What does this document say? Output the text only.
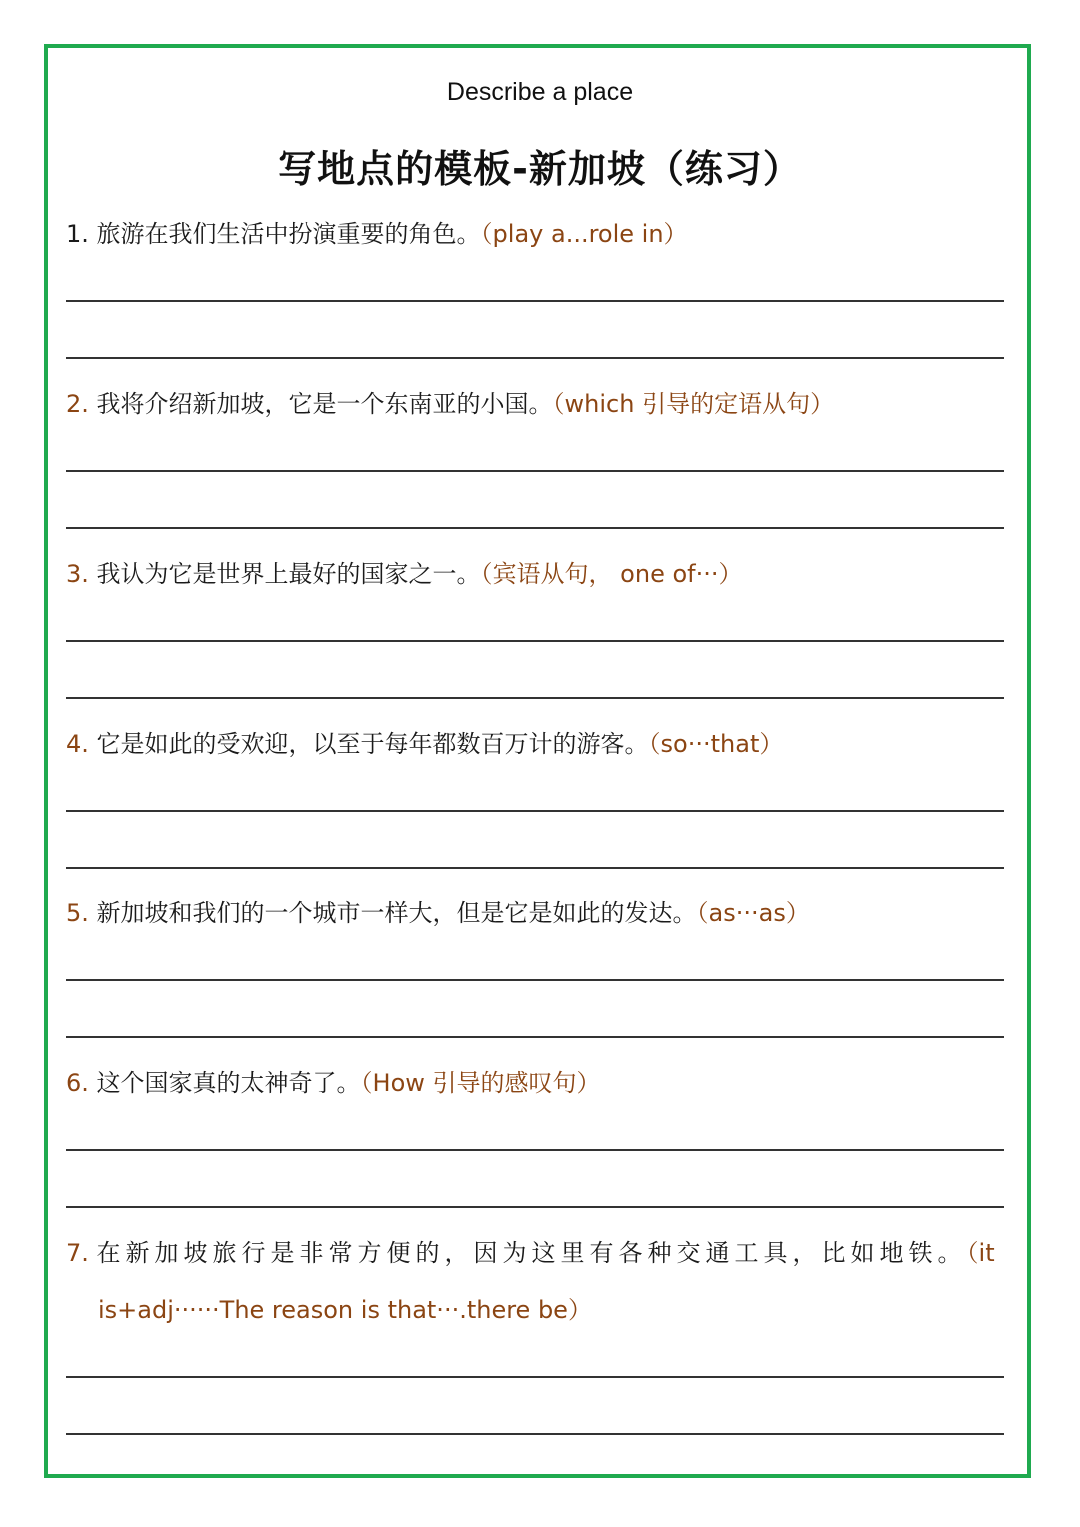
Describe a place
写地点的模板-新加坡（练习）
1. 旅游在我们生活中扮演重要的角色。（play a...role in）
2. 我将介绍新加坡，它是一个东南亚的小国。（which 引导的定语从句）
3. 我认为它是世界上最好的国家之一。（宾语从句， one of···）
4. 它是如此的受欢迎，以至于每年都数百万计的游客。（so···that）
5. 新加坡和我们的一个城市一样大，但是它是如此的发达。（as···as）
6. 这个国家真的太神奇了。（How 引导的感叹句）
7. 在新加坡旅行是非常方便的，因为这里有各种交通工具，比如地铁。（it
is+adj······The reason is that···.there be）
